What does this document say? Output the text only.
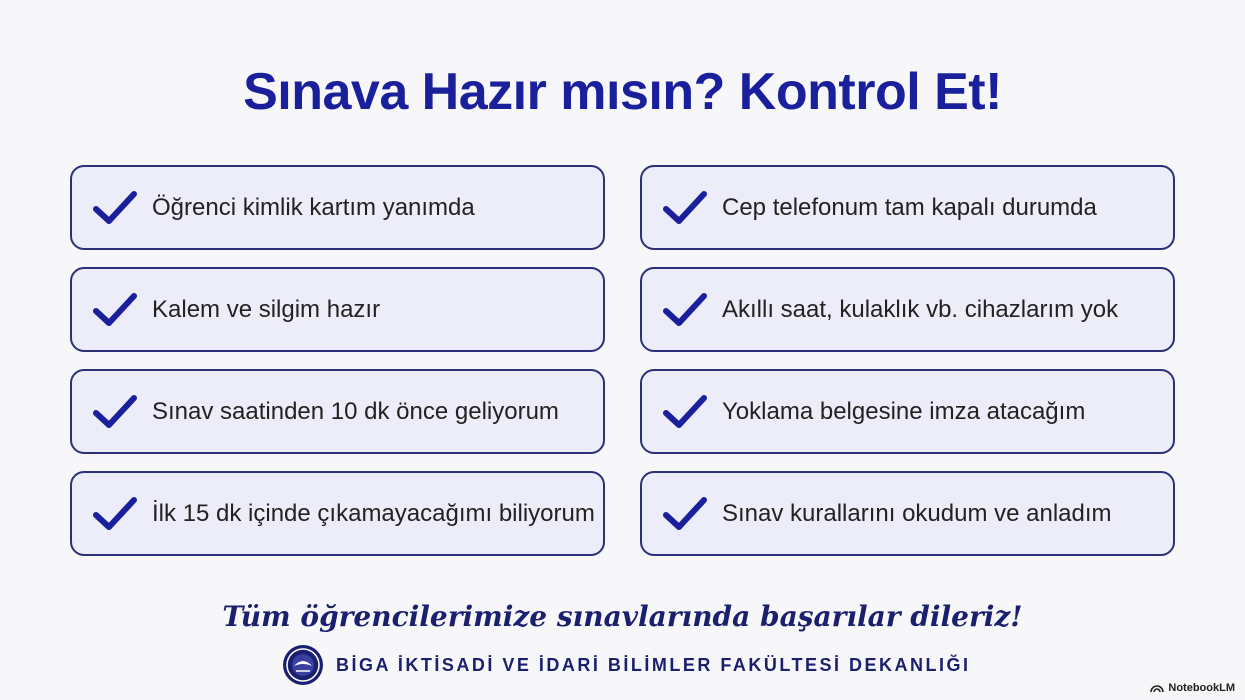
Sınava Hazır mısın? Kontrol Et!
Öğrenci kimlik kartım yanımda	Cep telefonum tam kapalı durumda
Kalem ve silgim hazır	Akıllı saat, kulaklık vb. cihazlarım yok
Sınav saatinden 10 dk önce geliyorum	Yoklama belgesine imza atacağım
İlk 15 dk içinde çıkamayacağımı biliyorum	Sınav kurallarını okudum ve anladım
Tüm öğrencilerimize sınavlarında başarılar dileriz!
BİGA İKTİSADİ VE İDARİ BİLİMLER FAKÜLTESİ DEKANLIĞI
NotebookLM
